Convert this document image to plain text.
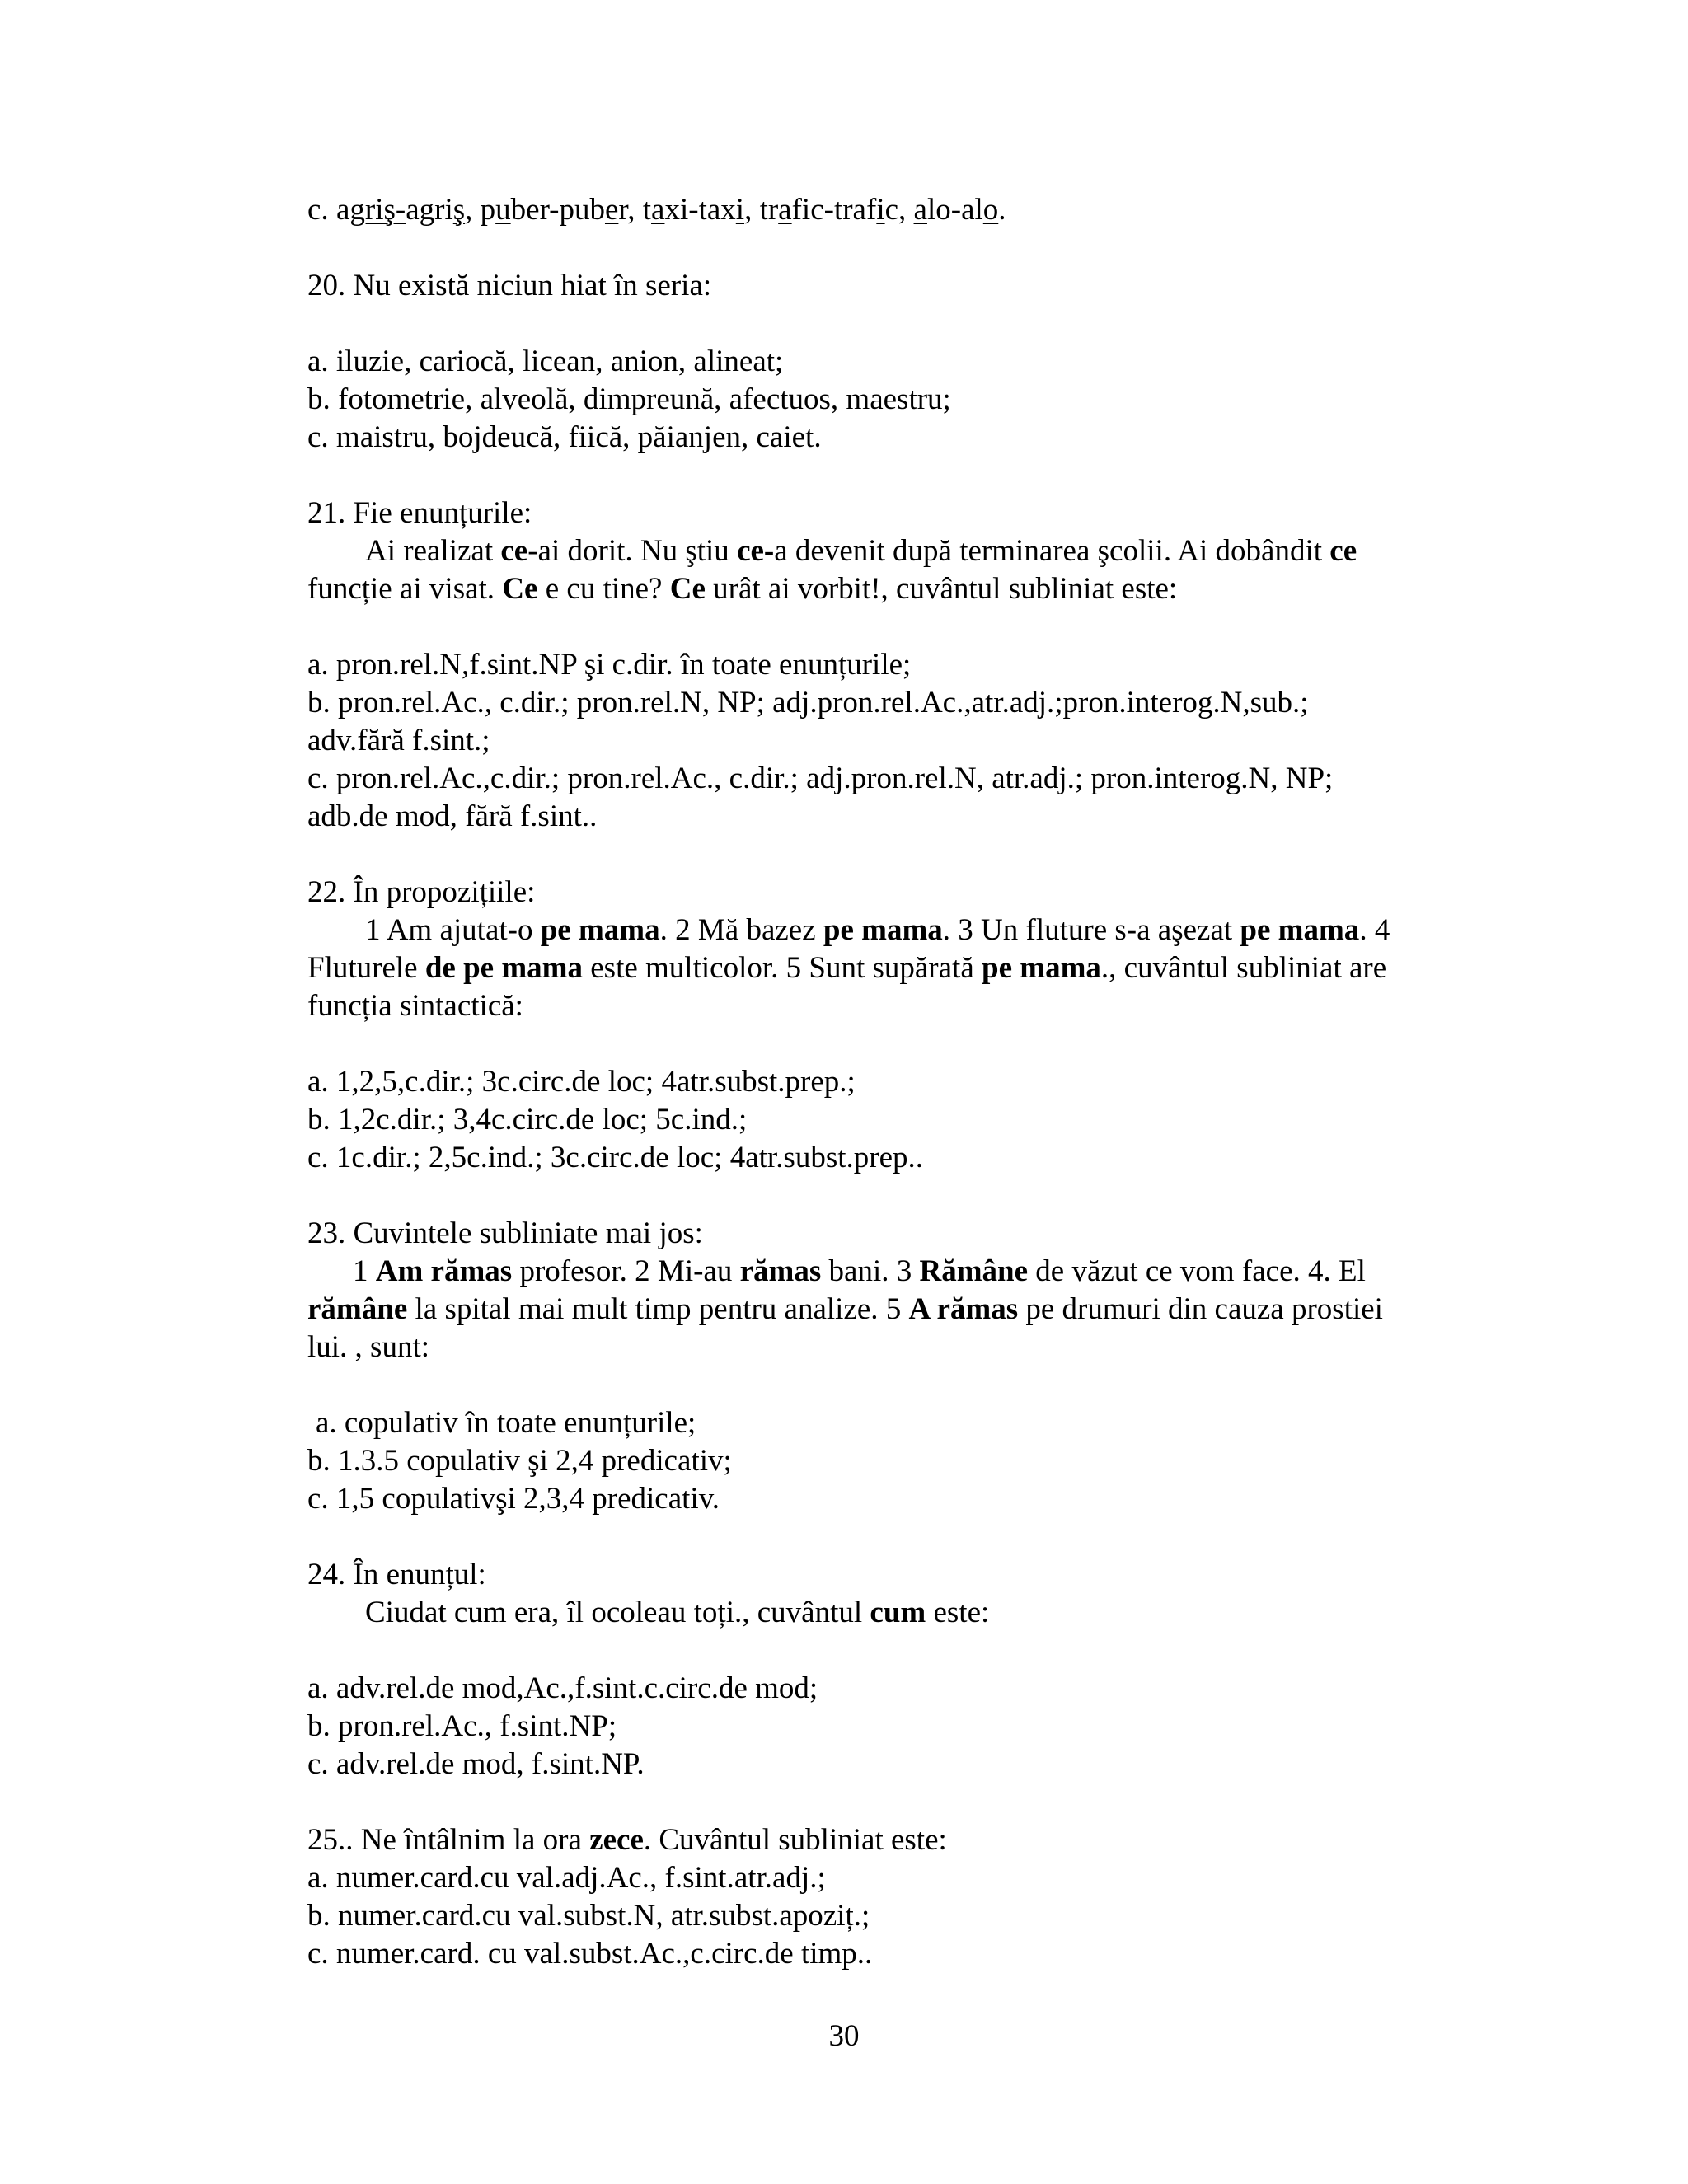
c. agriş-agriş, puber-puber, taxi-taxi, trafic-trafic, alo-alo.
20. Nu există niciun hiat în seria:
a. iluzie, cariocă, licean, anion, alineat;
b. fotometrie, alveolă, dimpreună, afectuos, maestru;
c. maistru, bojdeucă, fiică, păianjen, caiet.
21. Fie enunțurile:
Ai realizat ce-ai dorit. Nu ştiu ce-a devenit după terminarea şcolii. Ai dobândit ce
funcție ai visat. Ce e cu tine? Ce urât ai vorbit!, cuvântul subliniat este:
a. pron.rel.N,f.sint.NP şi c.dir. în toate enunțurile;
b. pron.rel.Ac., c.dir.; pron.rel.N, NP; adj.pron.rel.Ac.,atr.adj.;pron.interog.N,sub.;
adv.fără f.sint.;
c. pron.rel.Ac.,c.dir.; pron.rel.Ac., c.dir.; adj.pron.rel.N, atr.adj.; pron.interog.N, NP;
adb.de mod, fără f.sint..
22. În propozițiile:
1 Am ajutat-o pe mama. 2 Mă bazez pe mama. 3 Un fluture s-a aşezat pe mama. 4
Fluturele de pe mama este multicolor. 5 Sunt supărată pe mama., cuvântul subliniat are
funcția sintactică:
a. 1,2,5,c.dir.; 3c.circ.de loc; 4atr.subst.prep.;
b. 1,2c.dir.; 3,4c.circ.de loc; 5c.ind.;
c. 1c.dir.; 2,5c.ind.; 3c.circ.de loc; 4atr.subst.prep..
23. Cuvintele subliniate mai jos:
1 Am rămas profesor. 2 Mi-au rămas bani. 3 Rămâne de văzut ce vom face. 4. El
rămâne la spital mai mult timp pentru analize. 5 A rămas pe drumuri din cauza prostiei
lui. , sunt:
a. copulativ în toate enunțurile;
b. 1.3.5 copulativ şi 2,4 predicativ;
c. 1,5 copulativşi 2,3,4 predicativ.
24. În enunțul:
Ciudat cum era, îl ocoleau toți., cuvântul cum este:
a. adv.rel.de mod,Ac.,f.sint.c.circ.de mod;
b. pron.rel.Ac., f.sint.NP;
c. adv.rel.de mod, f.sint.NP.
25.. Ne întâlnim la ora zece. Cuvântul subliniat este:
a. numer.card.cu val.adj.Ac., f.sint.atr.adj.;
b. numer.card.cu val.subst.N, atr.subst.apoziț.;
c. numer.card. cu val.subst.Ac.,c.circ.de timp..
30
